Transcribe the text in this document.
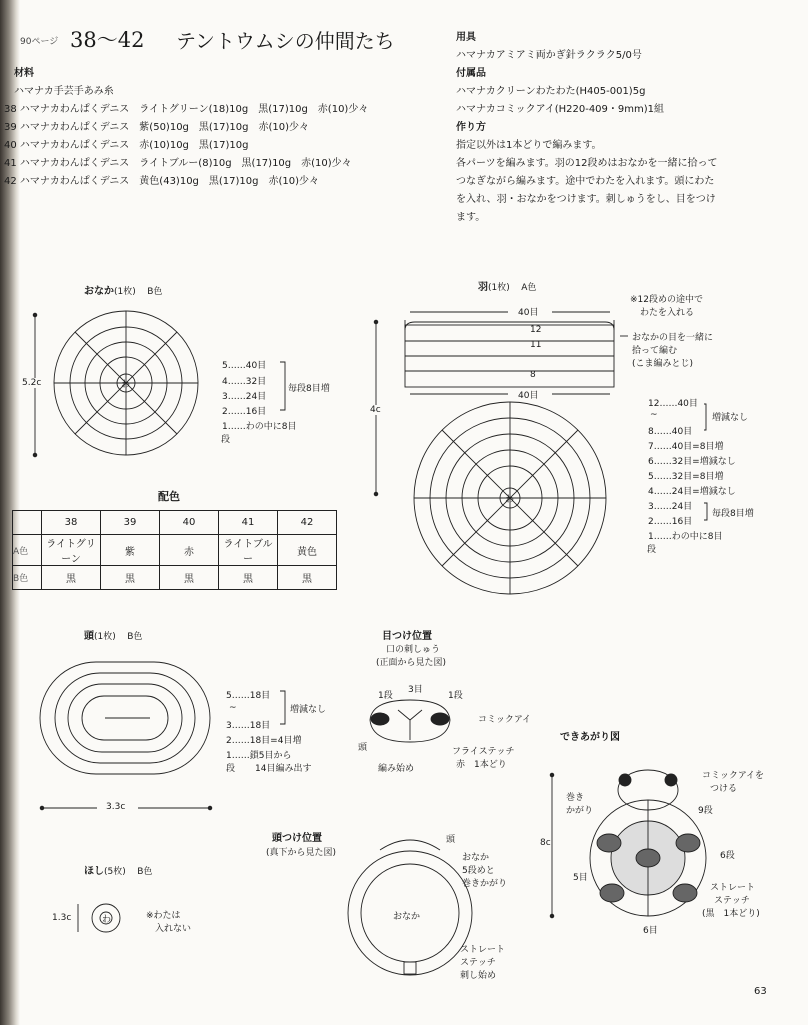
90ページ 38～42 テントウムシの仲間たち
材料
ハマナカ手芸手あみ糸
38 ハマナカわんぱくデニス　ライトグリーン(18)10g　黒(17)10g　赤(10)少々
39 ハマナカわんぱくデニス　紫(50)10g　黒(17)10g　赤(10)少々
40 ハマナカわんぱくデニス　赤(10)10g　黒(17)10g
41 ハマナカわんぱくデニス　ライトブルー(8)10g　黒(17)10g　赤(10)少々
42 ハマナカわんぱくデニス　黄色(43)10g　黒(17)10g　赤(10)少々
用具
ハマナカアミアミ両かぎ針ラクラク5/0号
付属品
ハマナカクリーンわたわた(H405-001)5g
ハマナカコミックアイ(H220-409・9mm)1組
作り方
指定以外は1本どりで編みます。
各パーツを編みます。羽の12段めはおなかを一緒に拾って
つなぎながら編みます。途中でわたを入れます。頭にわた
を入れ、羽・おなかをつけます。刺しゅうをし、目をつけ
ます。
おなか(1枚) B色
5.2c	わ
5……40目
4……32目
3……24目
2……16目
1……わの中に8目
段
毎段8目増
羽(1枚) A色
4c
40目
40目
12
11
8
わ
※12段めの途中で
わたを入れる
おなかの目を一緒に
拾って編む
(こま編みとじ)
12……40目
~
8……40目
増減なし
7……40目=8目増
6……32目=増減なし
5……32目=8目増
4……24目=増減なし
3……24目
2……16目
1……わの中に8目
段
毎段8目増
配色
	38	39	40	41	42
A色	ライトグリーン	紫	赤	ライトブルー	黄色
B色	黒	黒	黒	黒	黒
頭(1枚) B色
3.3c
5……18目
~
3……18目
2……18目=4目増
1……鎖5目から
段 14目編み出す
増減なし
ほし(5枚) B色
1.3c	わ	※わたは
入れない
目つけ位置
口の刺しゅう
(正面から見た図)
3目
1段	1段
コミックアイ
頭	フライステッチ
赤　1本どり
編み始め
頭つけ位置
(真下から見た図)
頭
おなか
5段めと
巻きかがり
おなか
ストレート
ステッチ
刺し始め
できあがり図
8c
コミックアイを
つける
巻き
かがり	9段
6段
5目
ストレート
ステッチ
(黒　1本どり)
6目
63
